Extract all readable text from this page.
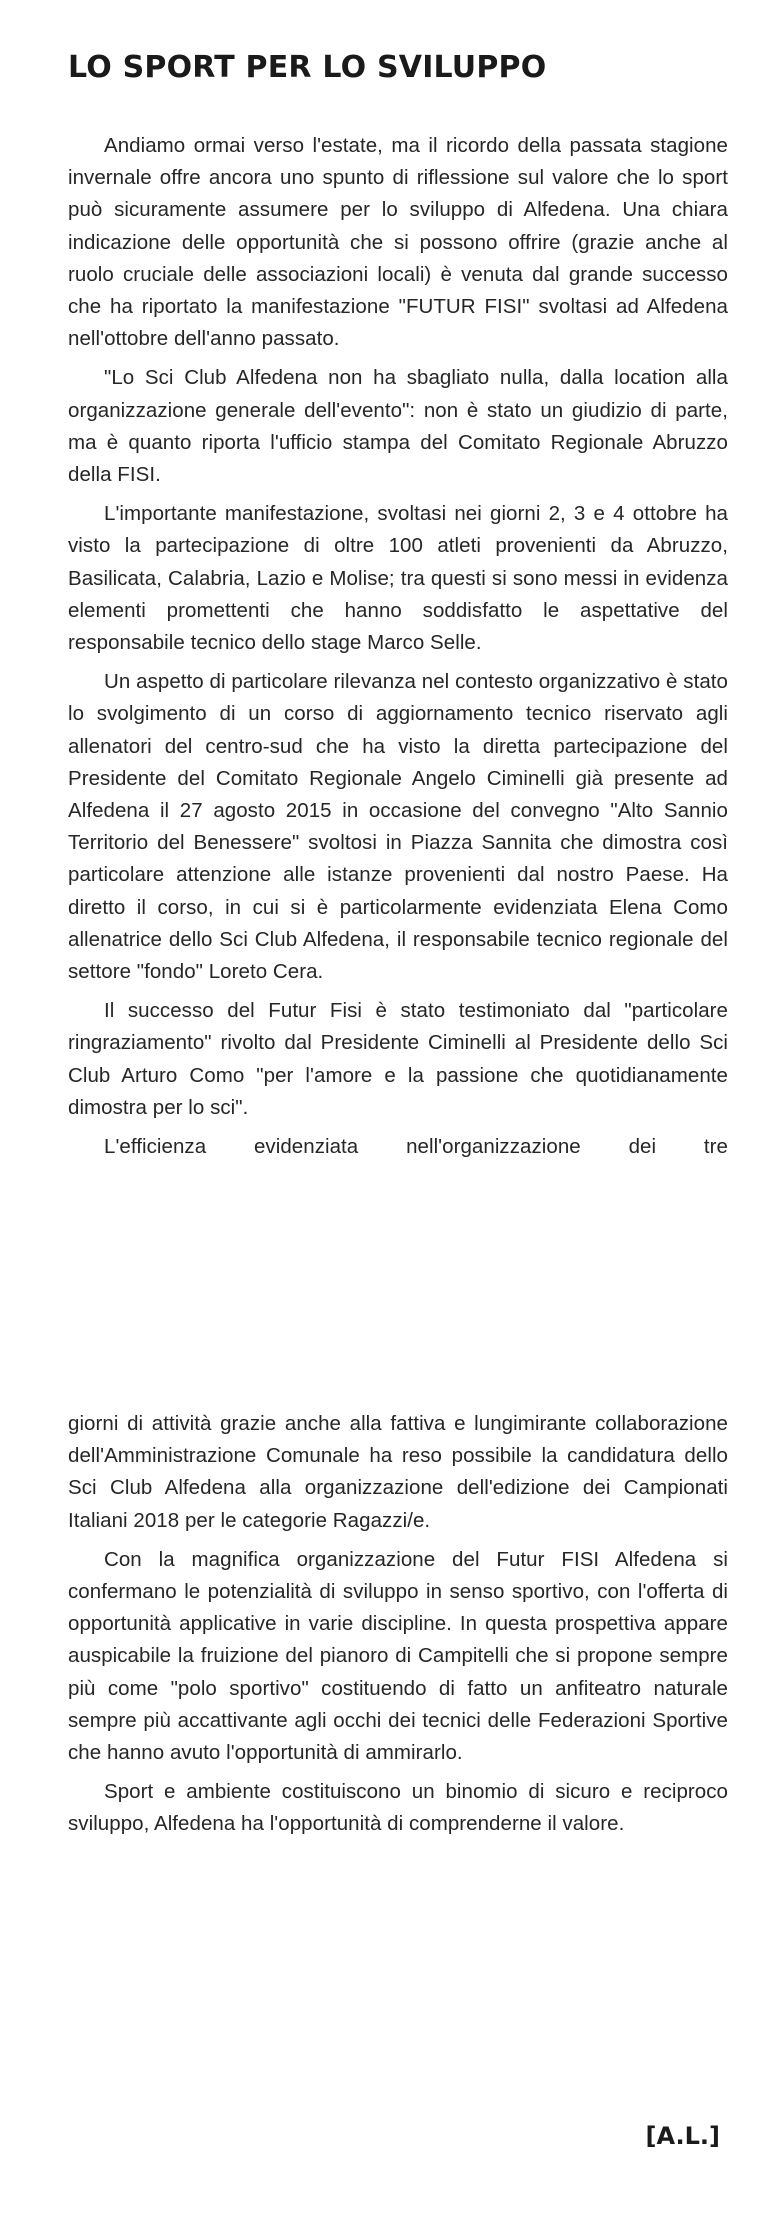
LO SPORT PER LO SVILUPPO

Andiamo ormai verso l'estate, ma il ricordo della passata stagione invernale offre ancora uno spunto di riflessione sul valore che lo sport può sicuramente assumere per lo sviluppo di Alfedena. Una chiara indicazione delle opportunità che si possono offrire (grazie anche al ruolo cruciale delle associazioni locali) è venuta dal grande successo che ha riportato la manifestazione "FUTUR FISI" svoltasi ad Alfedena nell'ottobre dell'anno passato.

"Lo Sci Club Alfedena non ha sbagliato nulla, dalla location alla organizzazione generale dell'evento": non è stato un giudizio di parte, ma è quanto riporta l'ufficio stampa del Comitato Regionale Abruzzo della FISI.

L'importante manifestazione, svoltasi nei giorni 2, 3 e 4 ottobre ha visto la partecipazione di oltre 100 atleti provenienti da Abruzzo, Basilicata, Calabria, Lazio e Molise; tra questi si sono messi in evidenza elementi promettenti che hanno soddisfatto le aspettative del responsabile tecnico dello stage Marco Selle.

Un aspetto di particolare rilevanza nel contesto organizzativo è stato lo svolgimento di un corso di aggiornamento tecnico riservato agli allenatori del centro-sud che ha visto la diretta partecipazione del Presidente del Comitato Regionale Angelo Ciminelli già presente ad Alfedena il 27 agosto 2015 in occasione del convegno "Alto Sannio Territorio del Benessere" svoltosi in Piazza Sannita che dimostra così particolare attenzione alle istanze provenienti dal nostro Paese. Ha diretto il corso, in cui si è particolarmente evidenziata Elena Como allenatrice dello Sci Club Alfedena, il responsabile tecnico regionale del settore "fondo" Loreto Cera.

Il successo del Futur Fisi è stato testimoniato dal "particolare ringraziamento" rivolto dal Presidente Ciminelli al Presidente dello Sci Club Arturo Como "per l'amore e la passione che quotidianamente dimostra per lo sci".

L'efficienza evidenziata nell'organizzazione dei tre

giorni di attività grazie anche alla fattiva e lungimirante collaborazione dell'Amministrazione Comunale ha reso possibile la candidatura dello Sci Club Alfedena alla organizzazione dell'edizione dei Campionati Italiani 2018 per le categorie Ragazzi/e.

Con la magnifica organizzazione del Futur FISI Alfedena si confermano le potenzialità di sviluppo in senso sportivo, con l'offerta di opportunità applicative in varie discipline. In questa prospettiva appare auspicabile la fruizione del pianoro di Campitelli che si propone sempre più come "polo sportivo" costituendo di fatto un anfiteatro naturale sempre più accattivante agli occhi dei tecnici delle Federazioni Sportive che hanno avuto l'opportunità di ammirarlo.

Sport e ambiente costituiscono un binomio di sicuro e reciproco sviluppo, Alfedena ha l'opportunità di comprenderne il valore.

[A.L.]
